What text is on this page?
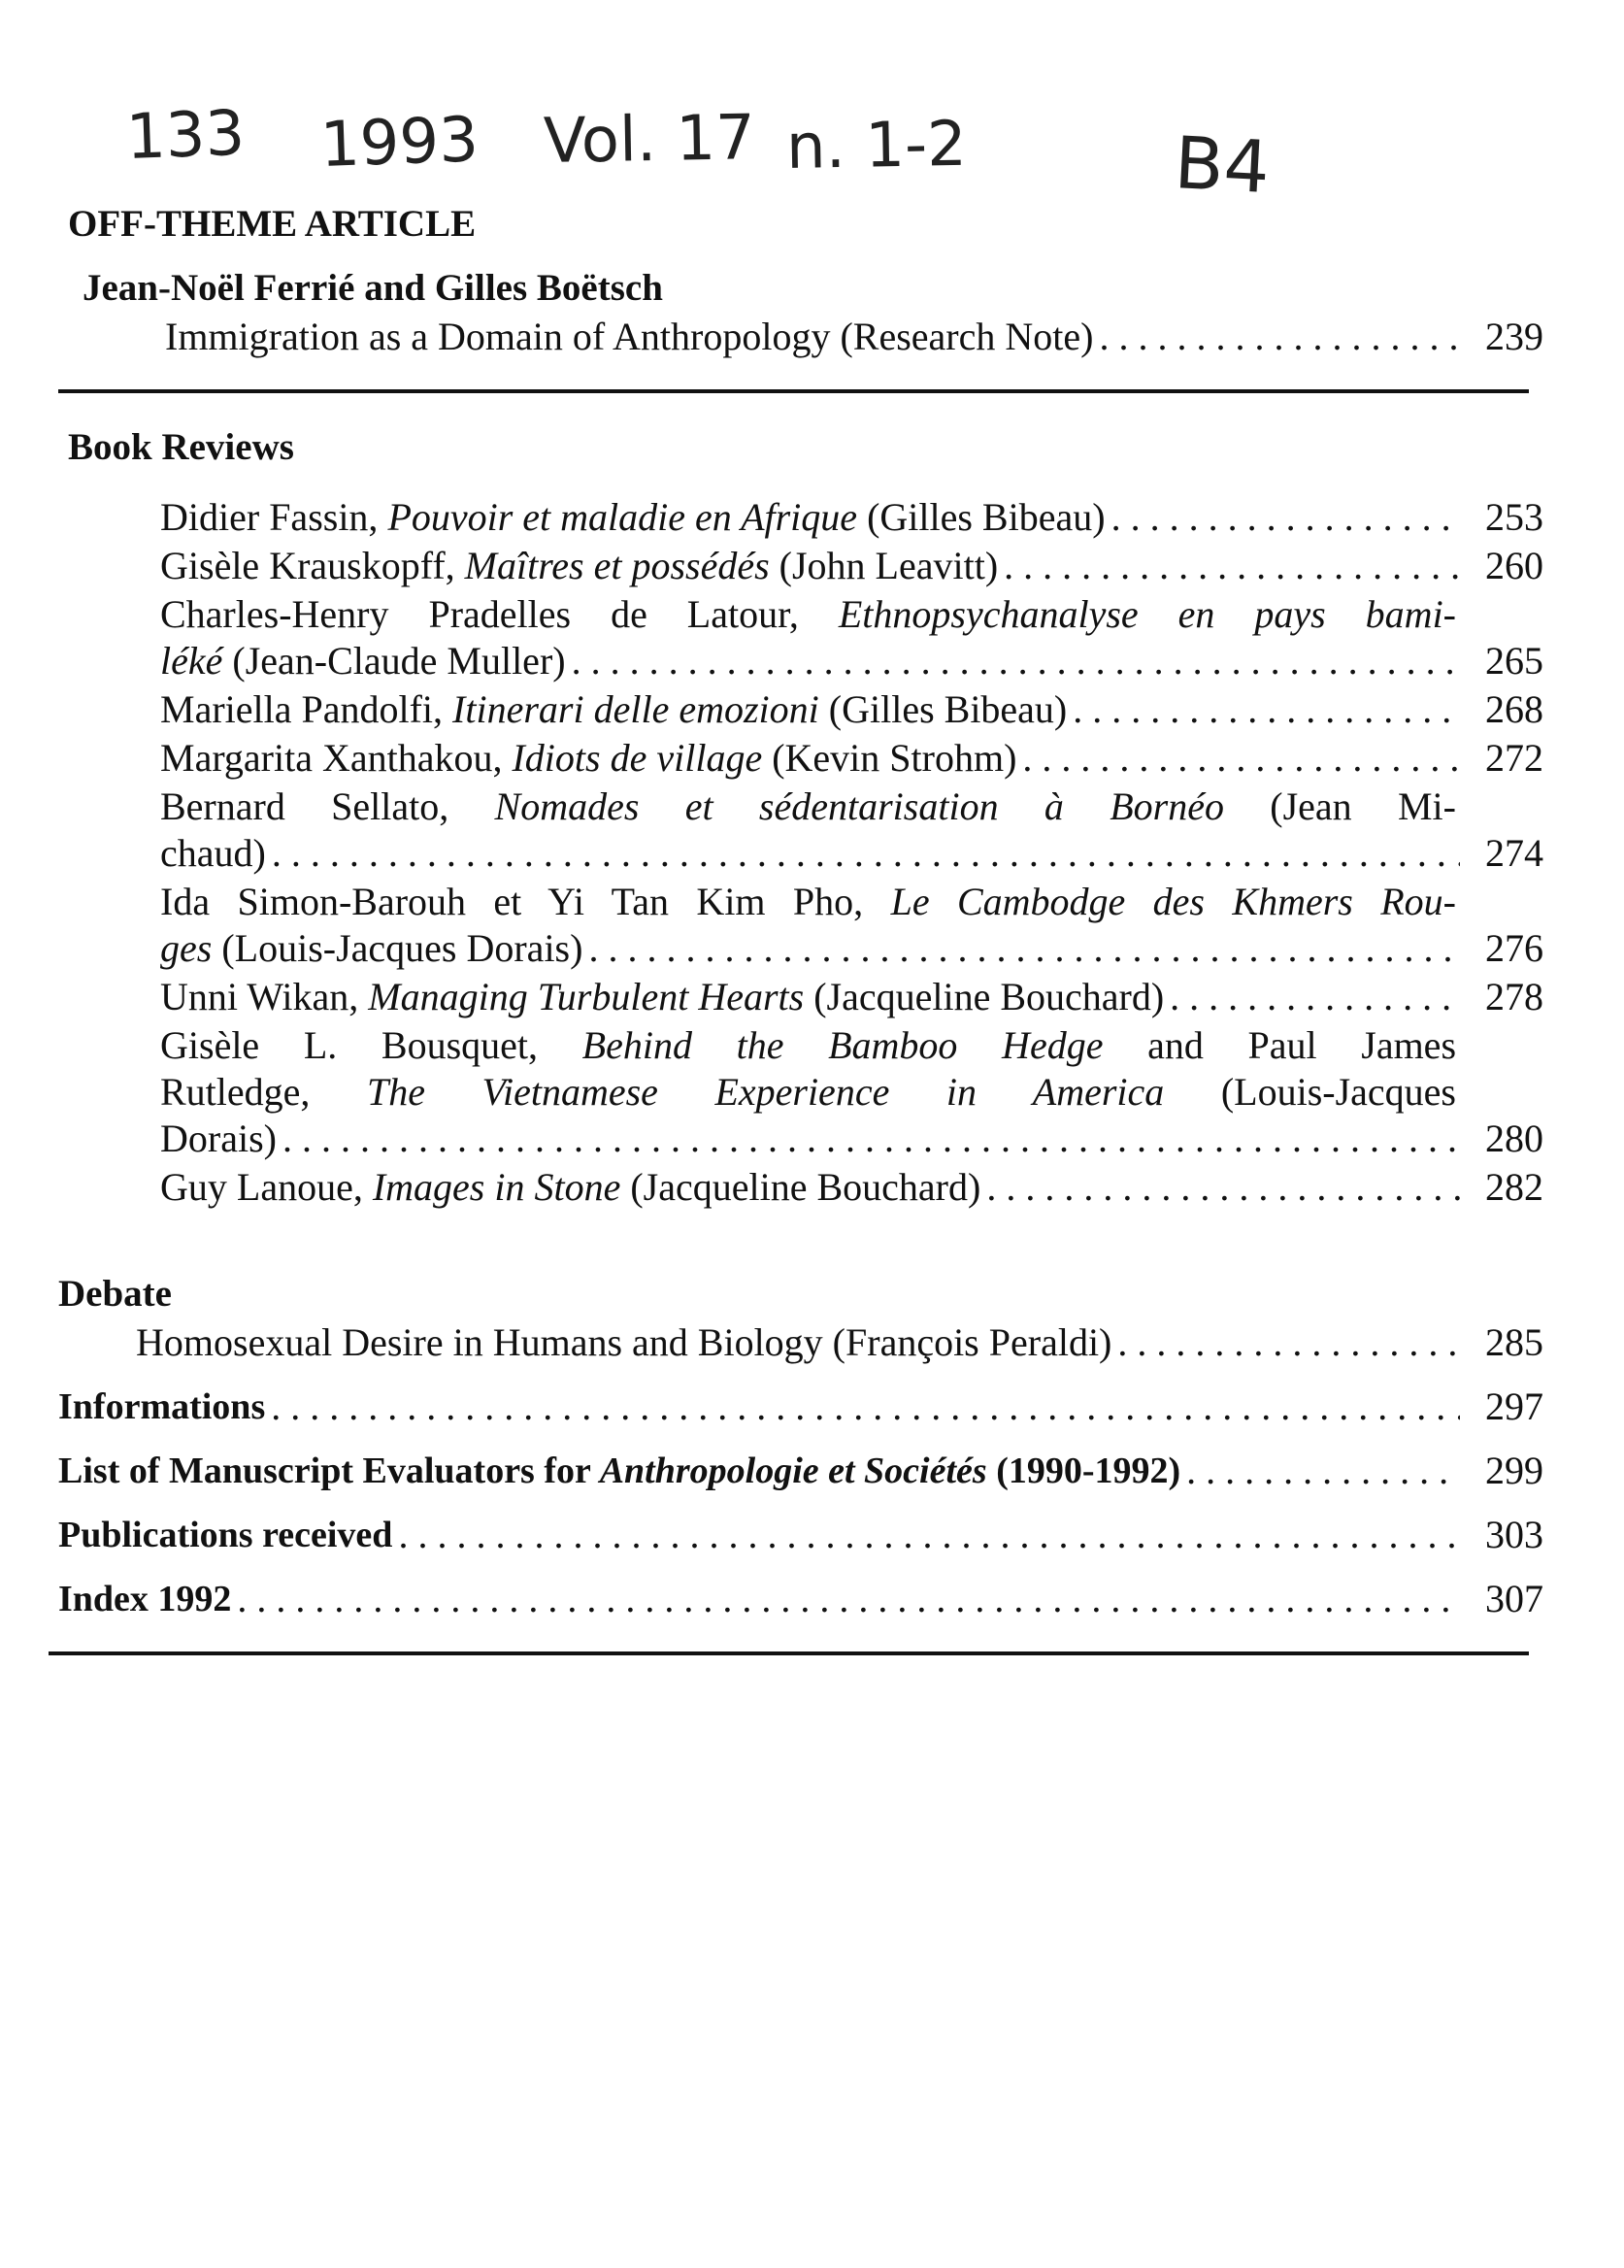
133 1993 Vol. 17 n. 1-2	B4
OFF-THEME ARTICLE
Jean-Noël Ferrié and Gilles Boëtsch
Immigration as a Domain of Anthropology (Research Note) . . .	239
Book Reviews
Didier Fassin, Pouvoir et maladie en Afrique (Gilles Bibeau) . . .	253
Gisèle Krauskopff, Maîtres et possédés (John Leavitt) . . .	260
Charles-Henry Pradelles de Latour, Ethnopsychanalyse en pays bami-
léké (Jean-Claude Muller) . . .	265
Mariella Pandolfi, Itinerari delle emozioni (Gilles Bibeau) . . .	268
Margarita Xanthakou, Idiots de village (Kevin Strohm) . . .	272
Bernard Sellato, Nomades et sédentarisation à Bornéo (Jean Mi-
chaud) . . .	274
Ida Simon-Barouh et Yi Tan Kim Pho, Le Cambodge des Khmers Rou-
ges (Louis-Jacques Dorais) . . .	276
Unni Wikan, Managing Turbulent Hearts (Jacqueline Bouchard) . . .	278
Gisèle L. Bousquet, Behind the Bamboo Hedge and Paul James
Rutledge, The Vietnamese Experience in America (Louis-Jacques
Dorais) . . .	280
Guy Lanoue, Images in Stone (Jacqueline Bouchard) . . .	282
Debate
Homosexual Desire in Humans and Biology (François Peraldi) . . .	285
Informations . . .	297
List of Manuscript Evaluators for Anthropologie et Sociétés (1990-1992) . . .	299
Publications received . . .	303
Index 1992 . . .	307
